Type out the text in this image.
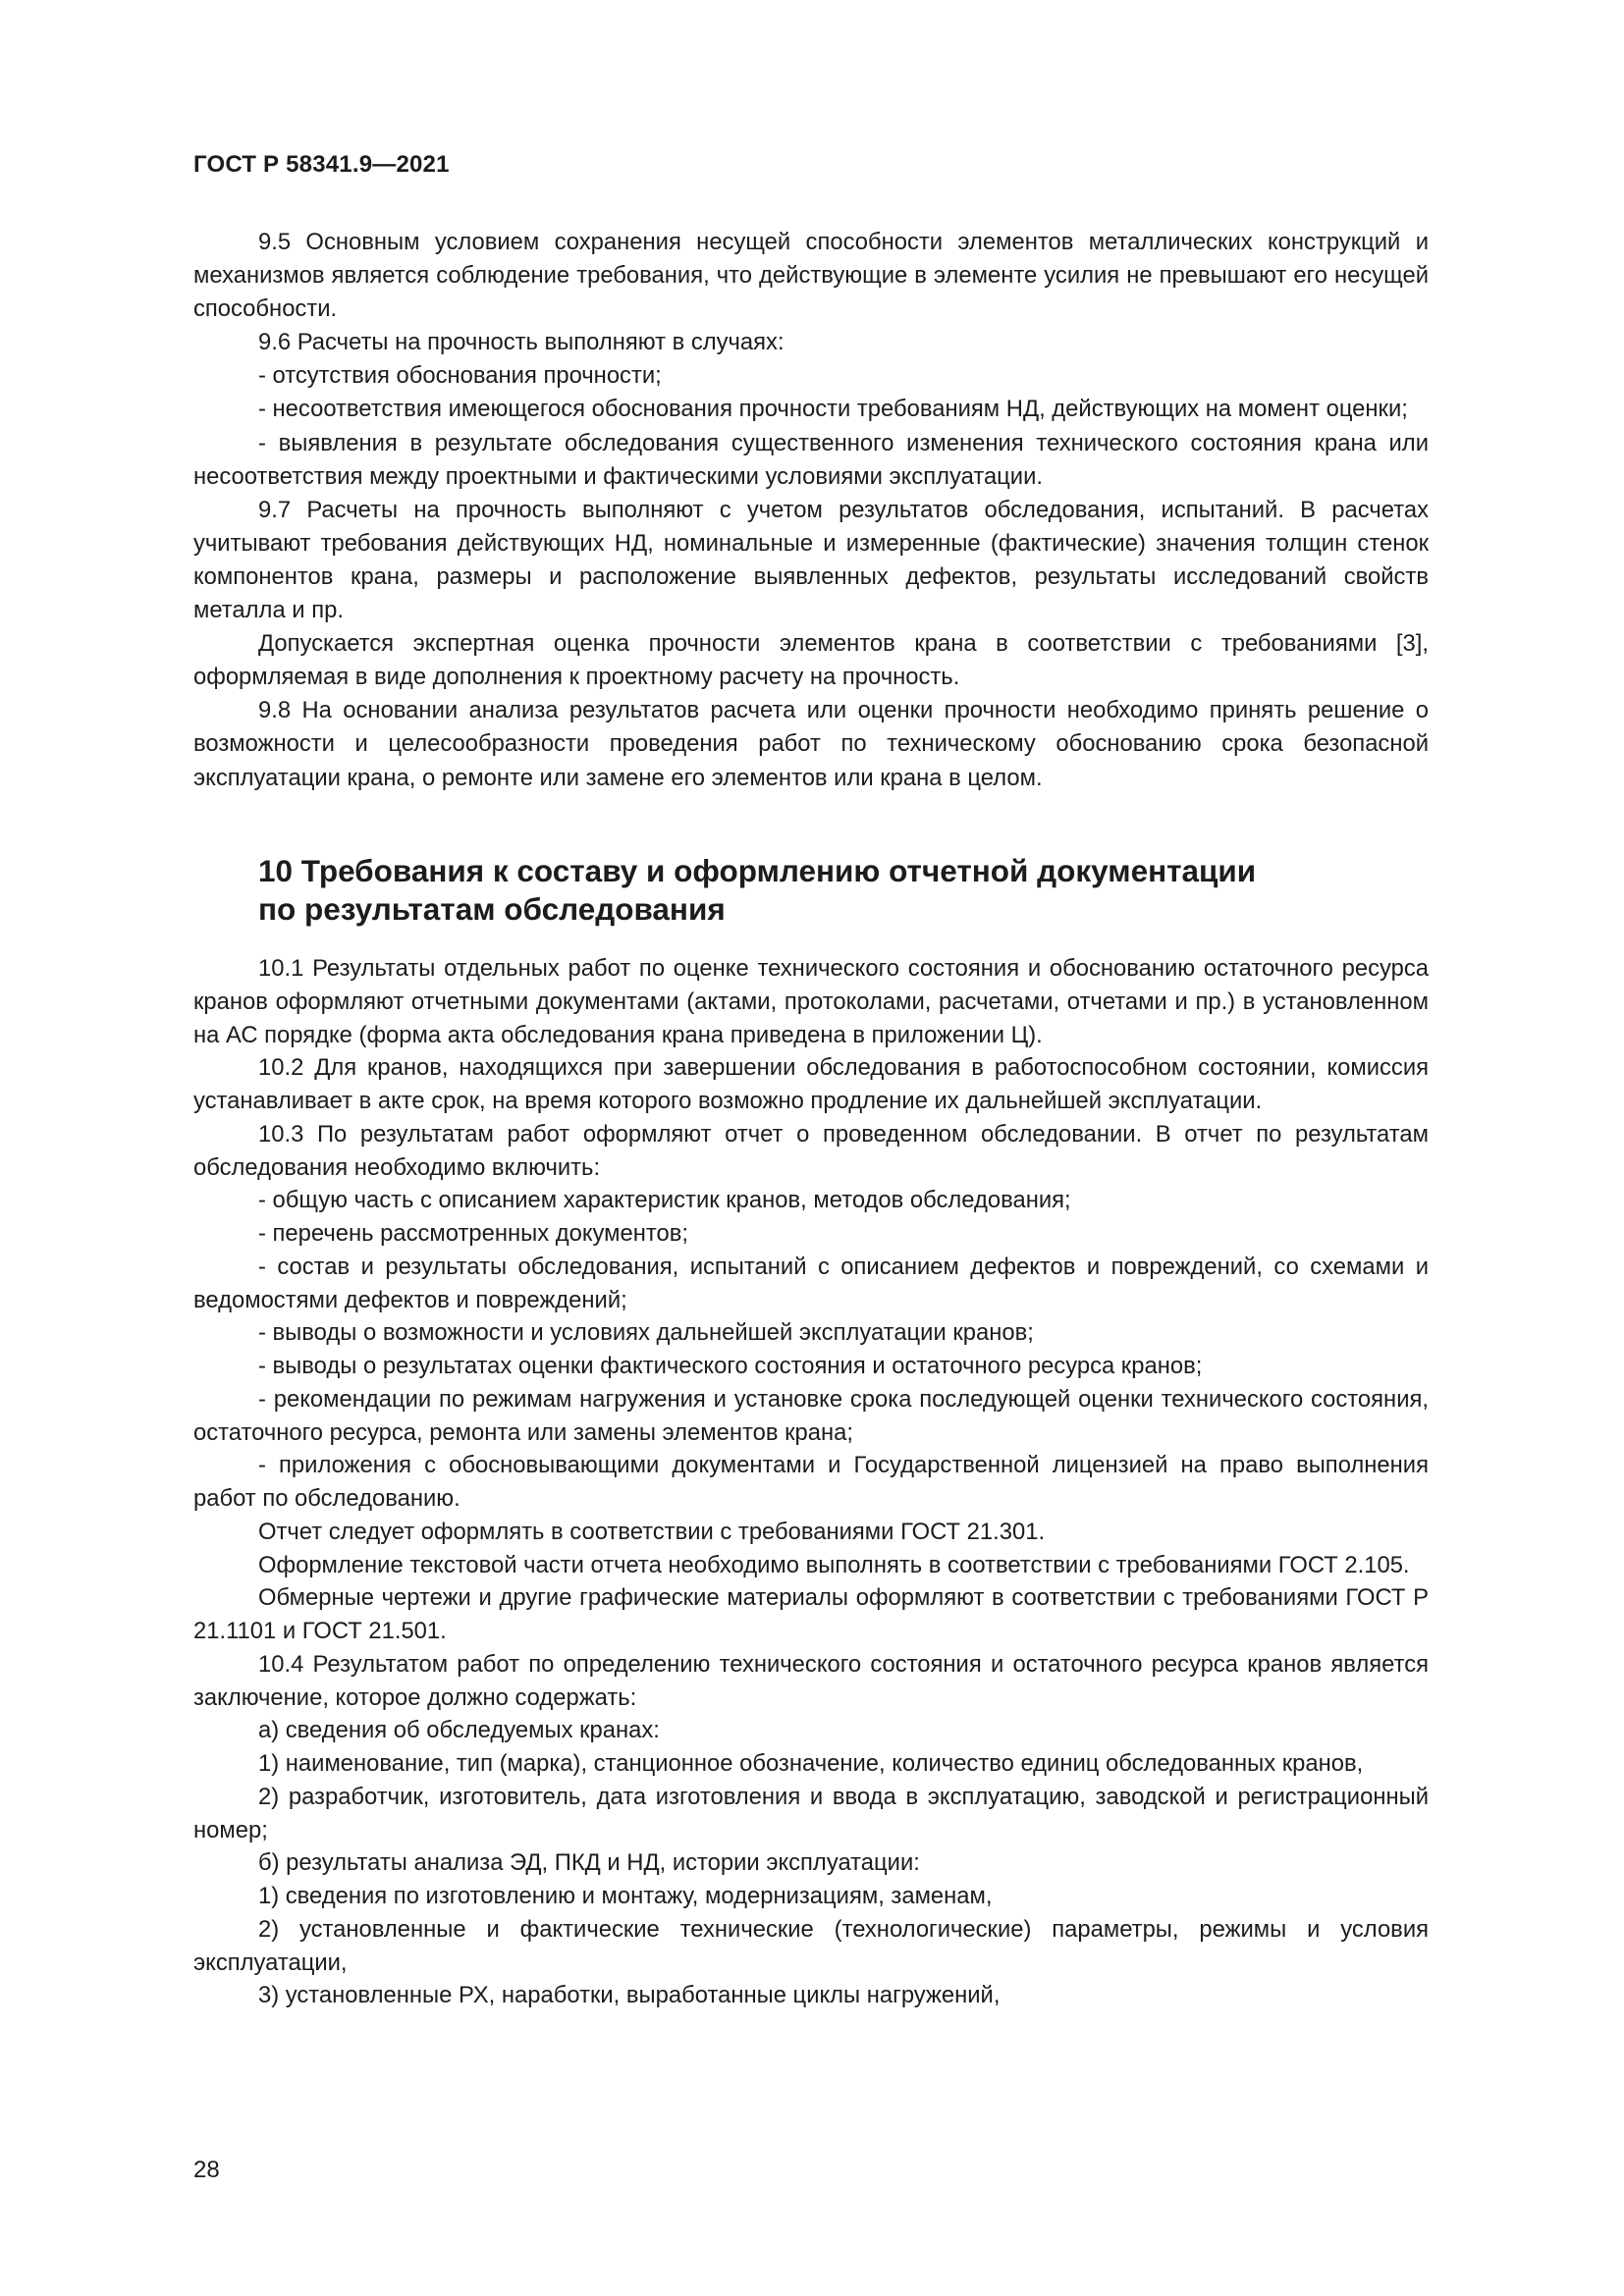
ГОСТ Р 58341.9—2021

9.5 Основным условием сохранения несущей способности элементов металлических конструкций и механизмов является соблюдение требования, что действующие в элементе усилия не превышают его несущей способности.

9.6 Расчеты на прочность выполняют в случаях:

- отсутствия обоснования прочности;

- несоответствия имеющегося обоснования прочности требованиям НД, действующих на момент оценки;

- выявления в результате обследования существенного изменения технического состояния крана или несоответствия между проектными и фактическими условиями эксплуатации.

9.7 Расчеты на прочность выполняют с учетом результатов обследования, испытаний. В расчетах учитывают требования действующих НД, номинальные и измеренные (фактические) значения толщин стенок компонентов крана, размеры и расположение выявленных дефектов, результаты исследований свойств металла и пр.

Допускается экспертная оценка прочности элементов крана в соответствии с требованиями [3], оформляемая в виде дополнения к проектному расчету на прочность.

9.8 На основании анализа результатов расчета или оценки прочности необходимо принять решение о возможности и целесообразности проведения работ по техническому обоснованию срока безопасной эксплуатации крана, о ремонте или замене его элементов или крана в целом.

10 Требования к составу и оформлению отчетной документации
по результатам обследования

10.1 Результаты отдельных работ по оценке технического состояния и обоснованию остаточного ресурса кранов оформляют отчетными документами (актами, протоколами, расчетами, отчетами и пр.) в установленном на АС порядке (форма акта обследования крана приведена в приложении Ц).

10.2 Для кранов, находящихся при завершении обследования в работоспособном состоянии, комиссия устанавливает в акте срок, на время которого возможно продление их дальнейшей эксплуатации.

10.3 По результатам работ оформляют отчет о проведенном обследовании. В отчет по результатам обследования необходимо включить:

- общую часть с описанием характеристик кранов, методов обследования;

- перечень рассмотренных документов;

- состав и результаты обследования, испытаний с описанием дефектов и повреждений, со схемами и ведомостями дефектов и повреждений;

- выводы о возможности и условиях дальнейшей эксплуатации кранов;

- выводы о результатах оценки фактического состояния и остаточного ресурса кранов;

- рекомендации по режимам нагружения и установке срока последующей оценки технического состояния, остаточного ресурса, ремонта или замены элементов крана;

- приложения с обосновывающими документами и Государственной лицензией на право выполнения работ по обследованию.

Отчет следует оформлять в соответствии с требованиями ГОСТ 21.301.

Оформление текстовой части отчета необходимо выполнять в соответствии с требованиями ГОСТ 2.105.

Обмерные чертежи и другие графические материалы оформляют в соответствии с требованиями ГОСТ Р 21.1101 и ГОСТ 21.501.

10.4 Результатом работ по определению технического состояния и остаточного ресурса кранов является заключение, которое должно содержать:

а) сведения об обследуемых кранах:

1) наименование, тип (марка), станционное обозначение, количество единиц обследованных кранов,

2) разработчик, изготовитель, дата изготовления и ввода в эксплуатацию, заводской и регистрационный номер;

б) результаты анализа ЭД, ПКД и НД, истории эксплуатации:

1) сведения по изготовлению и монтажу, модернизациям, заменам,

2) установленные и фактические технические (технологические) параметры, режимы и условия эксплуатации,

3) установленные РХ, наработки, выработанные циклы нагружений,

28
